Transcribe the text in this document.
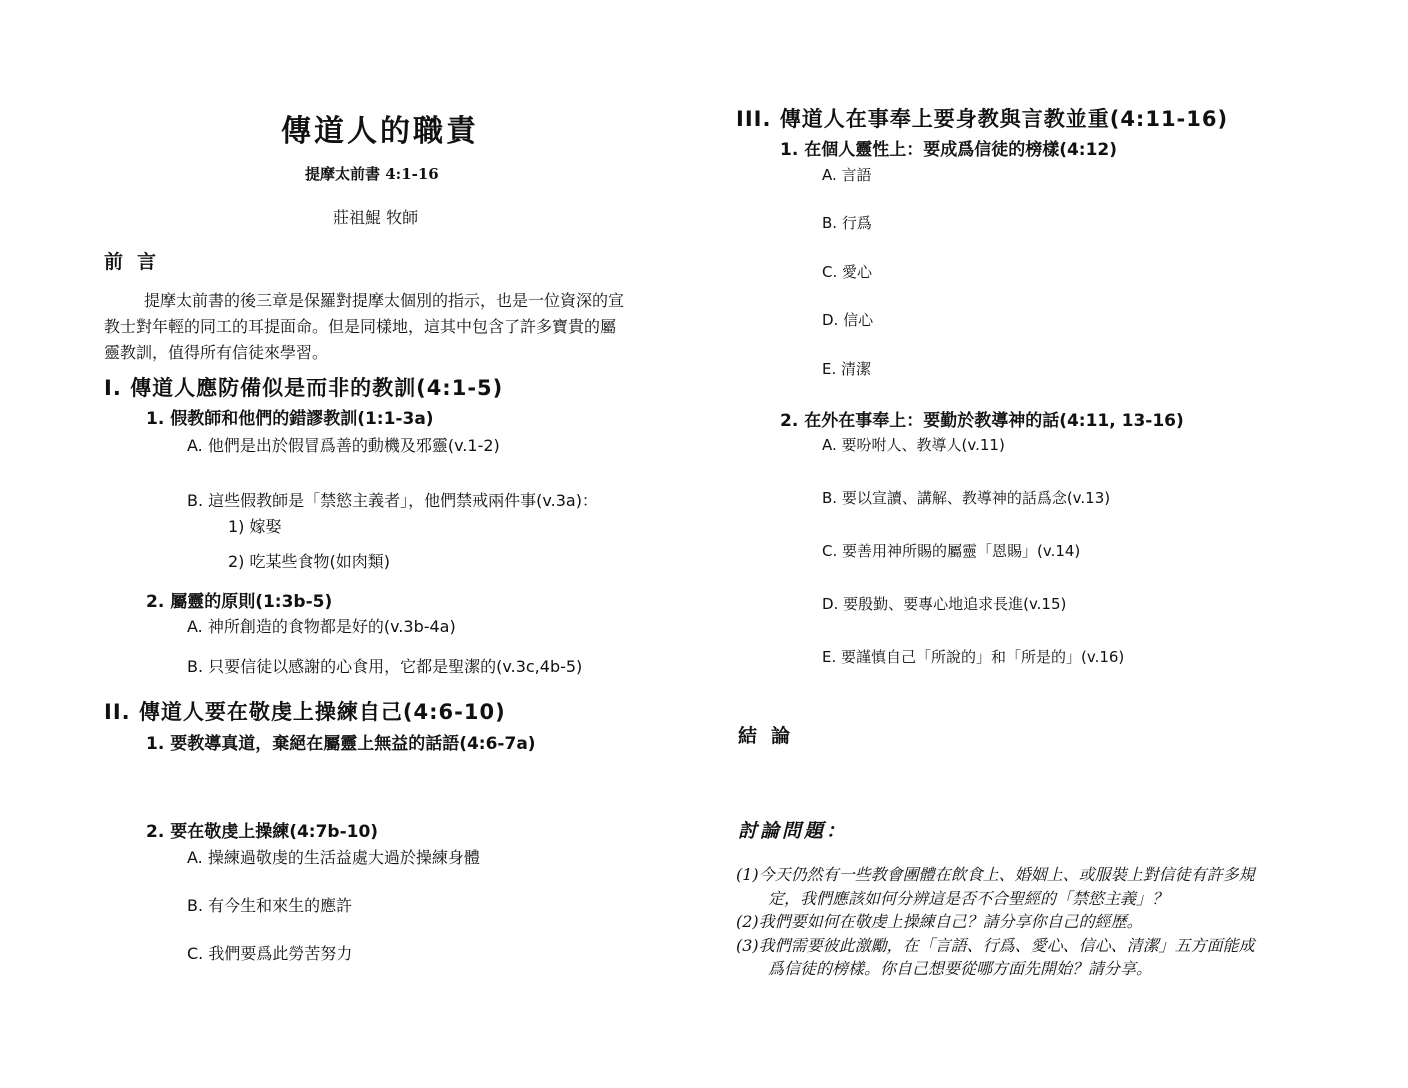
傳道人的職責
提摩太前書 4:1-16
莊祖鯤 牧師
前言
提摩太前書的後三章是保羅對提摩太個別的指示，也是一位資深的宣
教士對年輕的同工的耳提面命。但是同樣地，這其中包含了許多寶貴的屬
靈教訓，值得所有信徒來學習。
I. 傳道人應防備似是而非的教訓(4:1-5)
1. 假教師和他們的錯謬教訓(1:1-3a)
A. 他們是出於假冒爲善的動機及邪靈(v.1-2)
B. 這些假教師是「禁慾主義者」，他們禁戒兩件事(v.3a)：
1) 嫁娶
2) 吃某些食物(如肉類)
2. 屬靈的原則(1:3b-5)
A. 神所創造的食物都是好的(v.3b-4a)
B. 只要信徒以感謝的心食用，它都是聖潔的(v.3c,4b-5)
II. 傳道人要在敬虔上操練自己(4:6-10)
1. 要教導真道，棄絕在屬靈上無益的話語(4:6-7a)
2. 要在敬虔上操練(4:7b-10)
A. 操練過敬虔的生活益處大過於操練身體
B. 有今生和來生的應許
C. 我們要爲此勞苦努力
III. 傳道人在事奉上要身教與言教並重(4:11-16)
1. 在個人靈性上：要成爲信徒的榜樣(4:12)
A. 言語
B. 行爲
C. 愛心
D. 信心
E. 清潔
2. 在外在事奉上：要勤於教導神的話(4:11, 13-16)
A. 要吩咐人、教導人(v.11)
B. 要以宣讀、講解、教導神的話爲念(v.13)
C. 要善用神所賜的屬靈「恩賜」(v.14)
D. 要殷勤、要專心地追求長進(v.15)
E. 要謹慎自己「所說的」和「所是的」(v.16)
結論
討論問題：
(1)今天仍然有一些教會團體在飲食上、婚姻上、或服裝上對信徒有許多規
定，我們應該如何分辨這是否不合聖經的「禁慾主義」？
(2)我們要如何在敬虔上操練自己？請分享你自己的經歷。
(3)我們需要彼此激勵，在「言語、行爲、愛心、信心、清潔」五方面能成
爲信徒的榜樣。你自己想要從哪方面先開始？請分享。
